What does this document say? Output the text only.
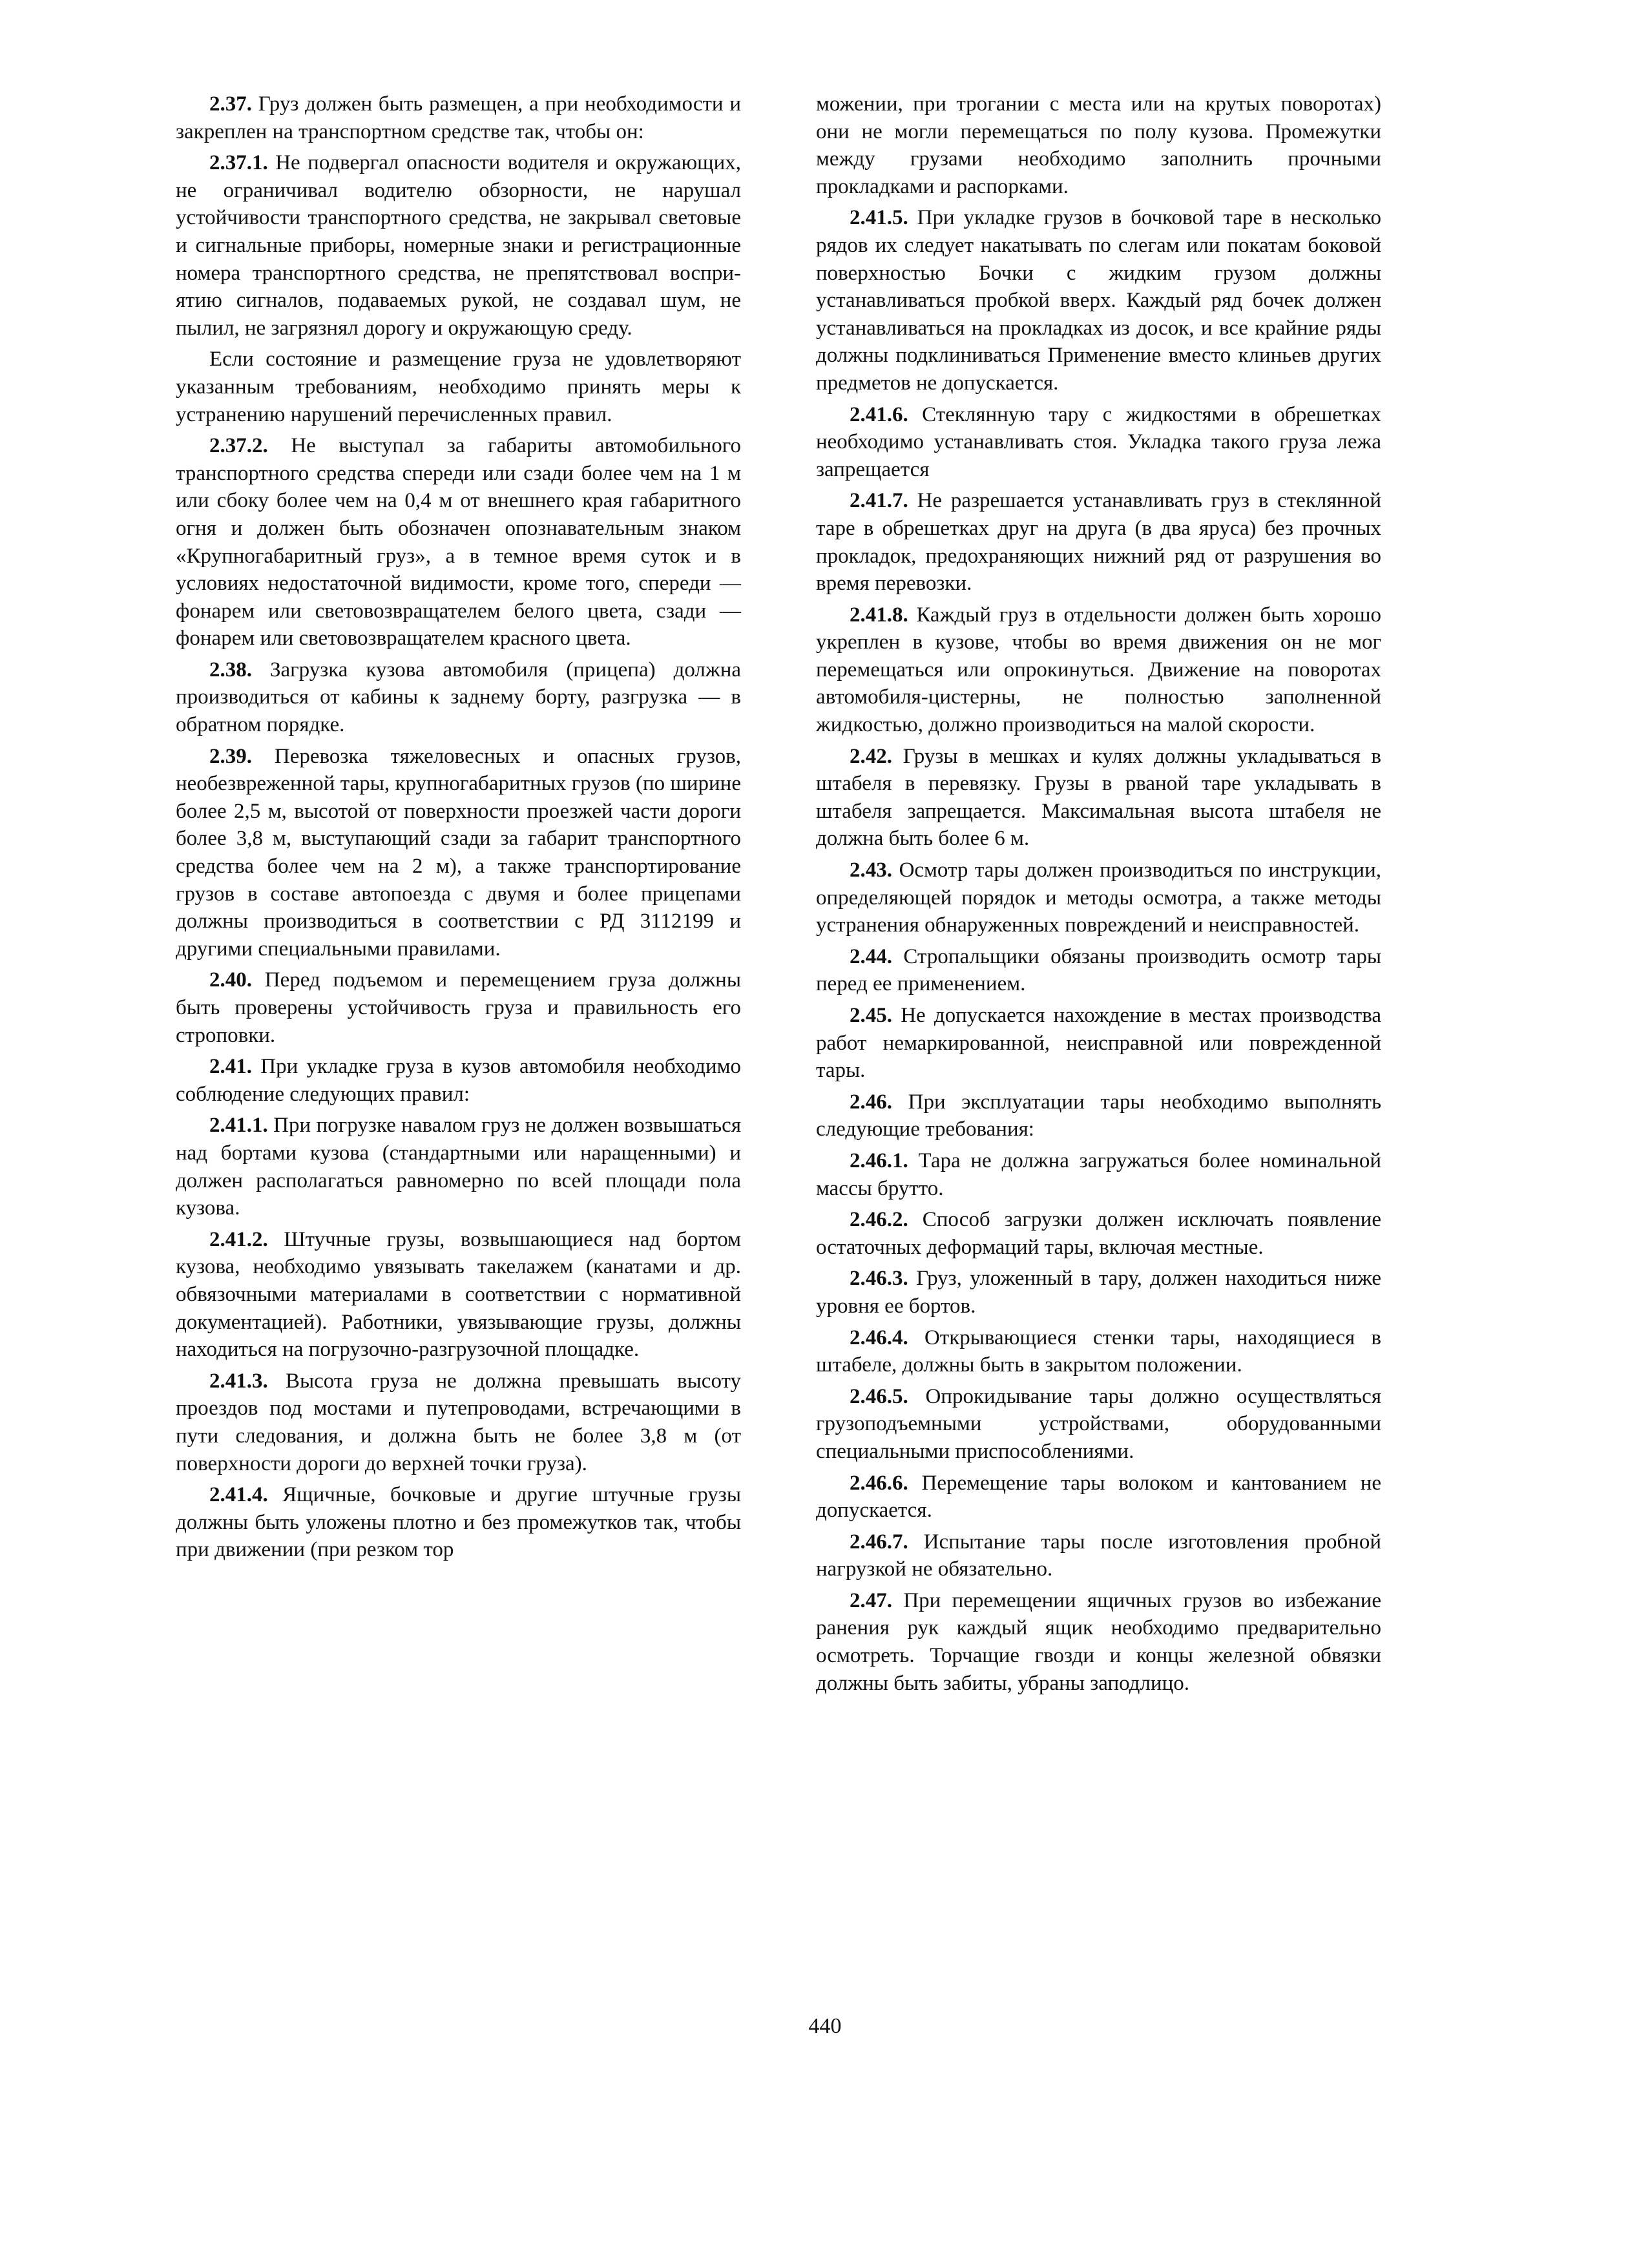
2.37. Груз должен быть размещен, а при необходимости и закреплен на транспортном средстве так, чтобы он:

2.37.1. Не подвергал опасности водителя и окружающих, не ограничивал водителю обзорности, не нарушал устойчивости транспортного средства, не закрывал световые и сигнальные приборы, номерные знаки и регистрационные номера транспортного средства, не препятствовал восприятию сигналов, подаваемых рукой, не создавал шум, не пылил, не загрязнял дорогу и окружающую среду.

Если состояние и размещение груза не удовлетворяют указанным требованиям, необходимо принять меры к устранению нарушений перечисленных правил.

2.37.2. Не выступал за габариты автомобильного транспортного средства спереди или сзади более чем на 1 м или сбоку более чем на 0,4 м от внешнего края габаритного огня и должен быть обозначен опознавательным знаком «Крупногабаритный груз», а в темное время суток и в условиях недостаточной видимости, кроме того, спереди — фонарем или световозвращателем белого цвета, сзади — фонарем или световозвращателем красного цвета.

2.38. Загрузка кузова автомобиля (прицепа) должна производиться от кабины к заднему борту, разгрузка — в обратном порядке.

2.39. Перевозка тяжеловесных и опасных грузов, необезвреженной тары, крупногабаритных грузов (по ширине более 2,5 м, высотой от поверхности проезжей части дороги более 3,8 м, выступающий сзади за габарит транспортного средства более чем на 2 м), а также транспортирование грузов в составе автопоезда с двумя и более прицепами должны производиться в соответствии с РД 3112199 и другими специальными правилами.

2.40. Перед подъемом и перемещением груза должны быть проверены устойчивость груза и правильность его строповки.

2.41. При укладке груза в кузов автомобиля необходимо соблюдение следующих правил:

2.41.1. При погрузке навалом груз не должен возвышаться над бортами кузова (стандартными или наращенными) и должен располагаться равномерно по всей площади пола кузова.

2.41.2. Штучные грузы, возвышающиеся над бортом кузова, необходимо увязывать такелажем (канатами и др. обвязочными материалами в соответствии с нормативной документацией). Работники, увязывающие грузы, должны находиться на погрузочно-разгрузочной площадке.

2.41.3. Высота груза не должна превышать высоту проездов под мостами и путепроводами, встречающими в пути следования, и должна быть не более 3,8 м (от поверхности дороги до верхней точки груза).

2.41.4. Ящичные, бочковые и другие штучные грузы должны быть уложены плотно и без промежутков так, чтобы при движении (при резком тор

можении, при трогании с места или на крутых поворотах) они не могли перемещаться по полу кузова. Промежутки между грузами необходимо заполнить прочными прокладками и распорками.

2.41.5. При укладке грузов в бочковой таре в несколько рядов их следует накатывать по слегам или покатам боковой поверхностью Бочки с жидким грузом должны устанавливаться пробкой вверх. Каждый ряд бочек должен устанавливаться на прокладках из досок, и все крайние ряды должны подклиниваться Применение вместо клиньев других предметов не допускается.

2.41.6. Стеклянную тару с жидкостями в обрешетках необходимо устанавливать стоя. Укладка такого груза лежа запрещается

2.41.7. Не разрешается устанавливать груз в стеклянной таре в обрешетках друг на друга (в два яруса) без прочных прокладок, предохраняющих нижний ряд от разрушения во время перевозки.

2.41.8. Каждый груз в отдельности должен быть хорошо укреплен в кузове, чтобы во время движения он не мог перемещаться или опрокинуться. Движение на поворотах автомобиля-цистерны, не полностью заполненной жидкостью, должно производиться на малой скорости.

2.42. Грузы в мешках и кулях должны укладываться в штабеля в перевязку. Грузы в рваной таре укладывать в штабеля запрещается. Максимальная высота штабеля не должна быть более 6 м.

2.43. Осмотр тары должен производиться по инструкции, определяющей порядок и методы осмотра, а также методы устранения обнаруженных повреждений и неисправностей.

2.44. Стропальщики обязаны производить осмотр тары перед ее применением.

2.45. Не допускается нахождение в местах производства работ немаркированной, неисправной или поврежденной тары.

2.46. При эксплуатации тары необходимо выполнять следующие требования:

2.46.1. Тара не должна загружаться более номинальной массы брутто.

2.46.2. Способ загрузки должен исключать появление остаточных деформаций тары, включая местные.

2.46.3. Груз, уложенный в тару, должен находиться ниже уровня ее бортов.

2.46.4. Открывающиеся стенки тары, находящиеся в штабеле, должны быть в закрытом положении.

2.46.5. Опрокидывание тары должно осуществляться грузоподъемными устройствами, оборудованными специальными приспособлениями.

2.46.6. Перемещение тары волоком и кантованием не допускается.

2.46.7. Испытание тары после изготовления пробной нагрузкой не обязательно.

2.47. При перемещении ящичных грузов во избежание ранения рук каждый ящик необходимо предварительно осмотреть. Торчащие гвозди и концы железной обвязки должны быть забиты, убраны заподлицо.

440
